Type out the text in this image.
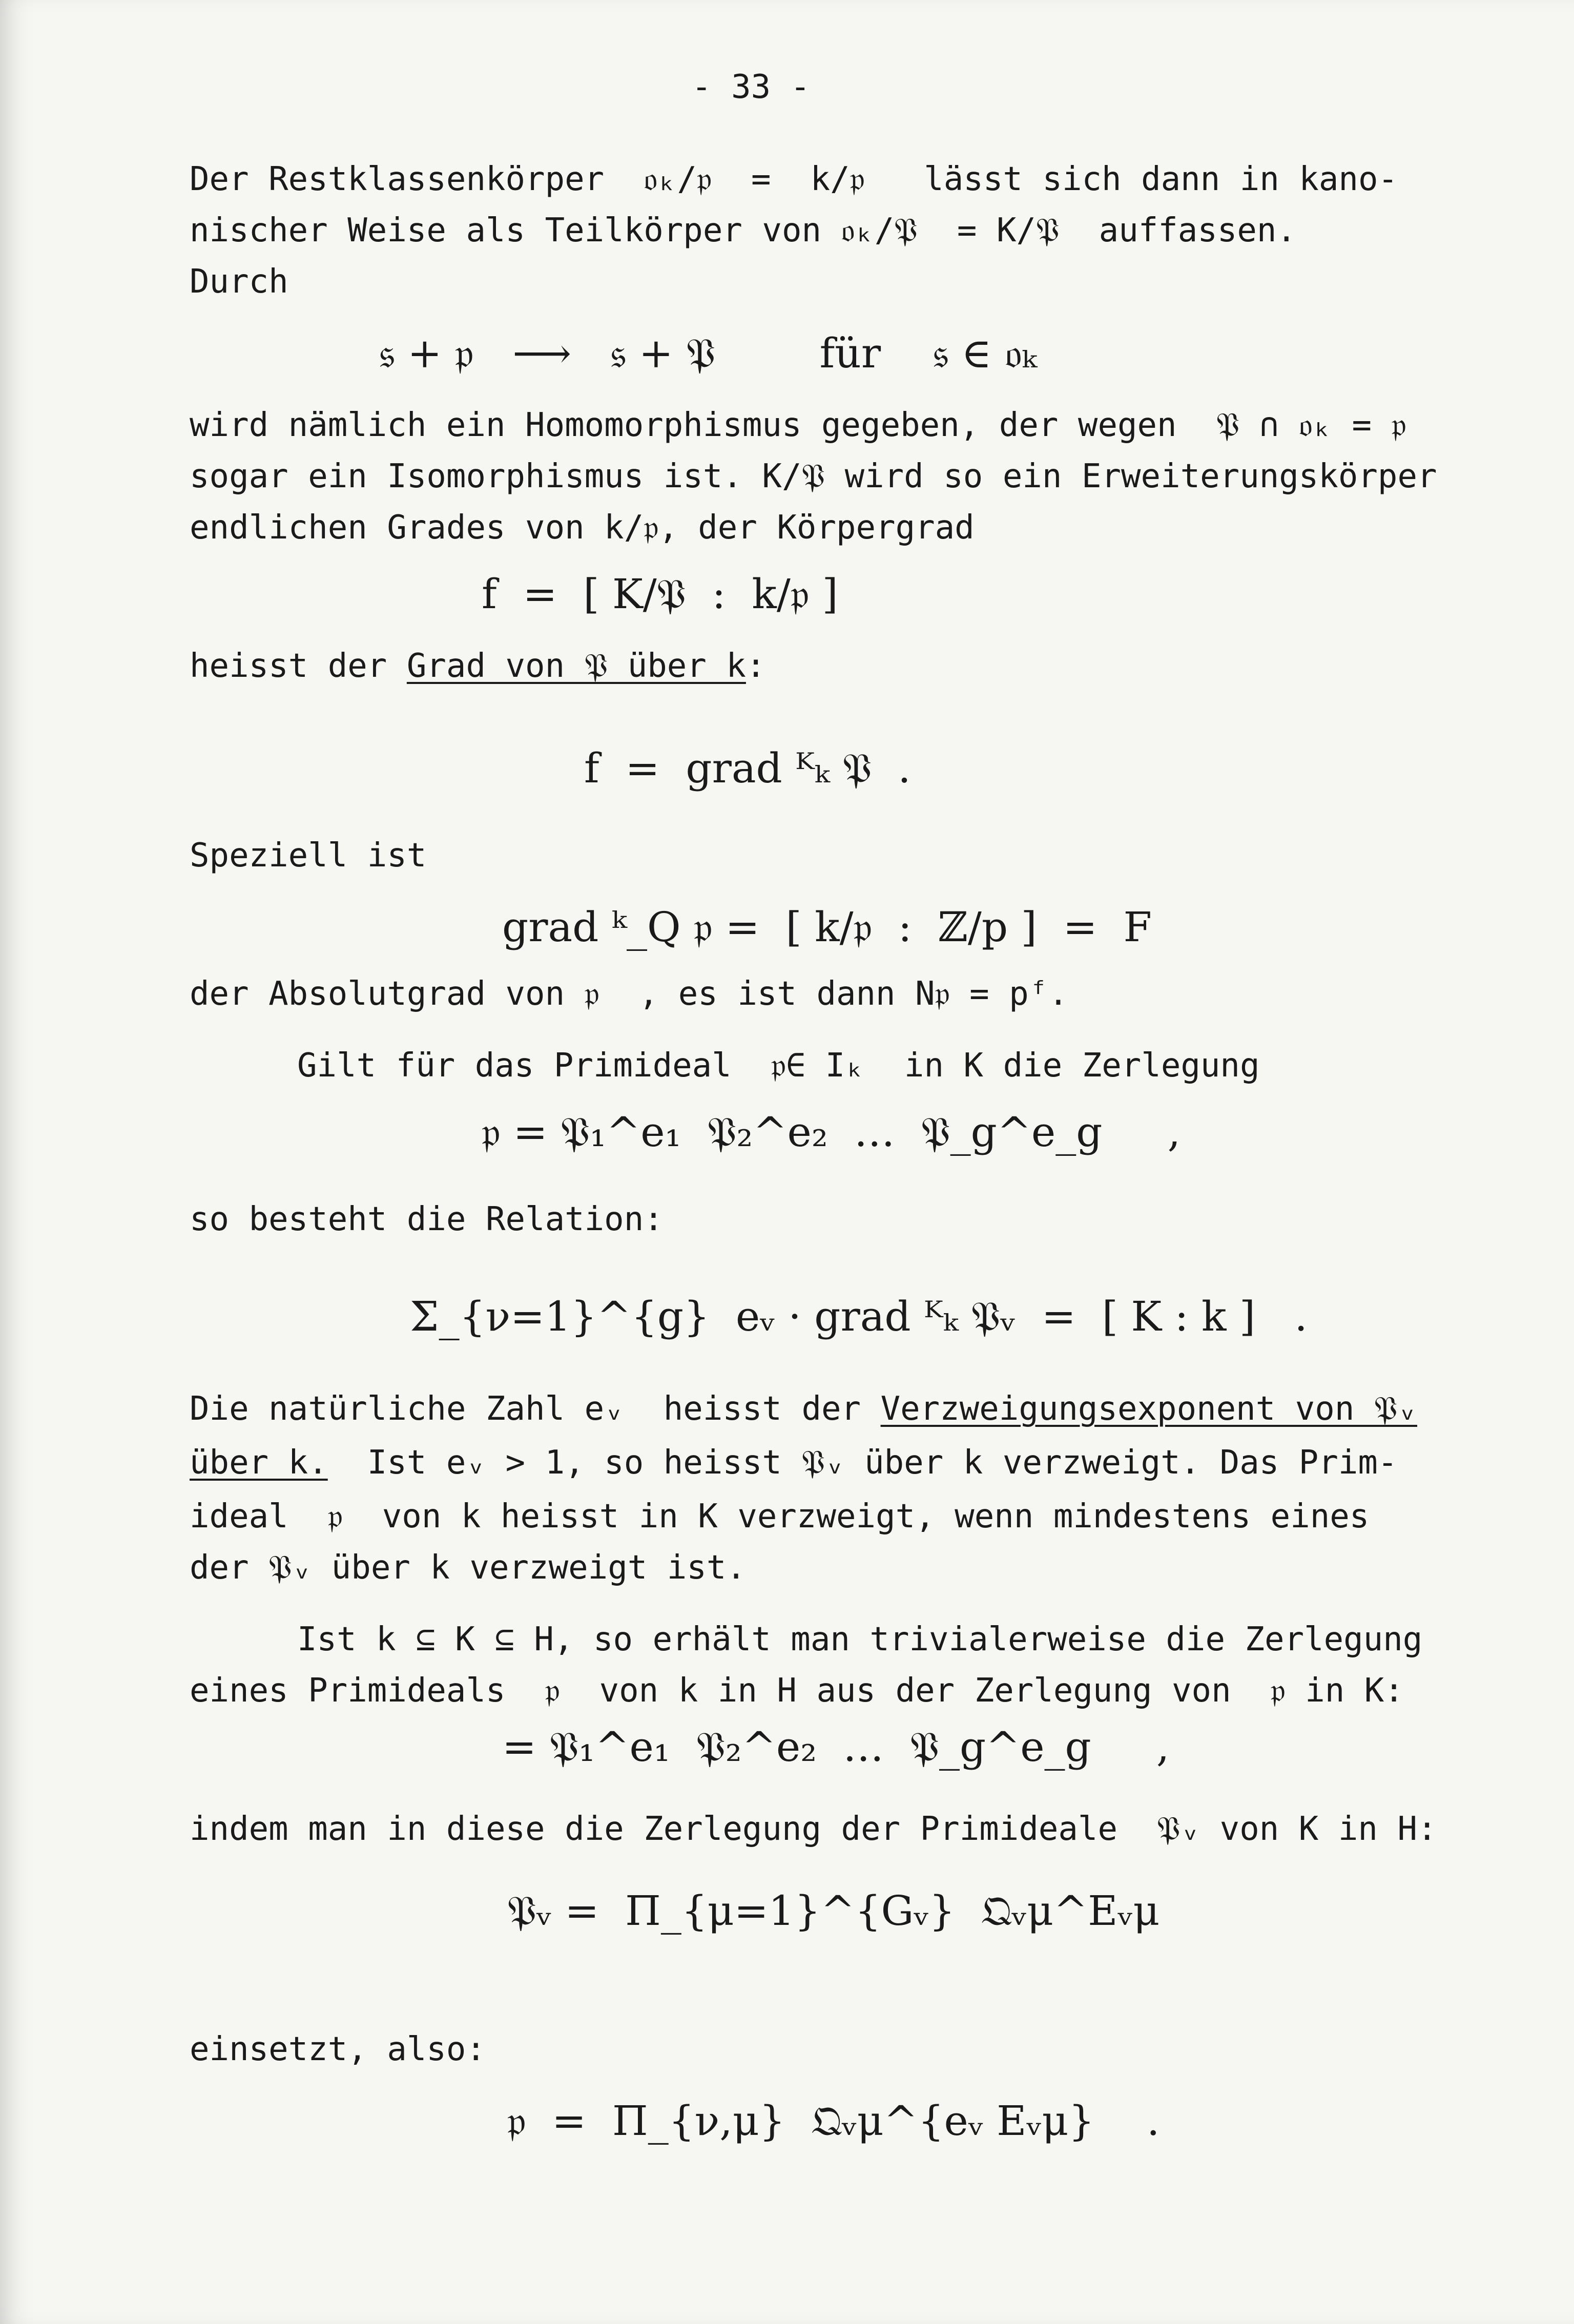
- 33 -
Der Restklassenkörper  𝔬ₖ/𝔭  =  k/𝔭   lässt sich dann in kano-
nischer Weise als Teilkörper von 𝔬ₖ/𝔓  = K/𝔓  auffassen.
Durch
𝔰 + 𝔭   ⟶   𝔰 + 𝔓        für    𝔰 ∈ 𝔬ₖ
wird nämlich ein Homomorphismus gegeben, der wegen  𝔓 ∩ 𝔬ₖ = 𝔭
sogar ein Isomorphismus ist. K/𝔓 wird so ein Erweiterungskörper
endlichen Grades von k/𝔭, der Körpergrad
f  =  [ K/𝔓  :  k/𝔭 ]
heisst der Grad von 𝔓 über k:
f  =  grad ᴷₖ 𝔓  .
Speziell ist
grad ᵏ_Q 𝔭 =  [ k/𝔭  :  ℤ/p ]  =  F
der Absolutgrad von 𝔭  , es ist dann N𝔭 = pᶠ.
Gilt für das Primideal  𝔭∈ Iₖ  in K die Zerlegung
𝔭 = 𝔓₁^e₁  𝔓₂^e₂  …  𝔓_g^e_g     ,
so besteht die Relation:
Σ_{ν=1}^{g}  eᵥ · grad ᴷₖ 𝔓ᵥ  =  [ K : k ]   .
Die natürliche Zahl eᵥ  heisst der Verzweigungsexponent von 𝔓ᵥ
über k.  Ist eᵥ > 1, so heisst 𝔓ᵥ über k verzweigt. Das Prim-
ideal  𝔭  von k heisst in K verzweigt, wenn mindestens eines
der 𝔓ᵥ über k verzweigt ist.
Ist k ⊆ K ⊆ H, so erhält man trivialerweise die Zerlegung
eines Primideals  𝔭  von k in H aus der Zerlegung von  𝔭 in K:
= 𝔓₁^e₁  𝔓₂^e₂  …  𝔓_g^e_g     ,
indem man in diese die Zerlegung der Primideale  𝔓ᵥ von K in H:
𝔓ᵥ =  Π_{μ=1}^{Gᵥ}  𝔔ᵥμ^Eᵥμ
einsetzt, also:
𝔭  =  Π_{ν,μ}  𝔔ᵥμ^{eᵥ Eᵥμ}    .
